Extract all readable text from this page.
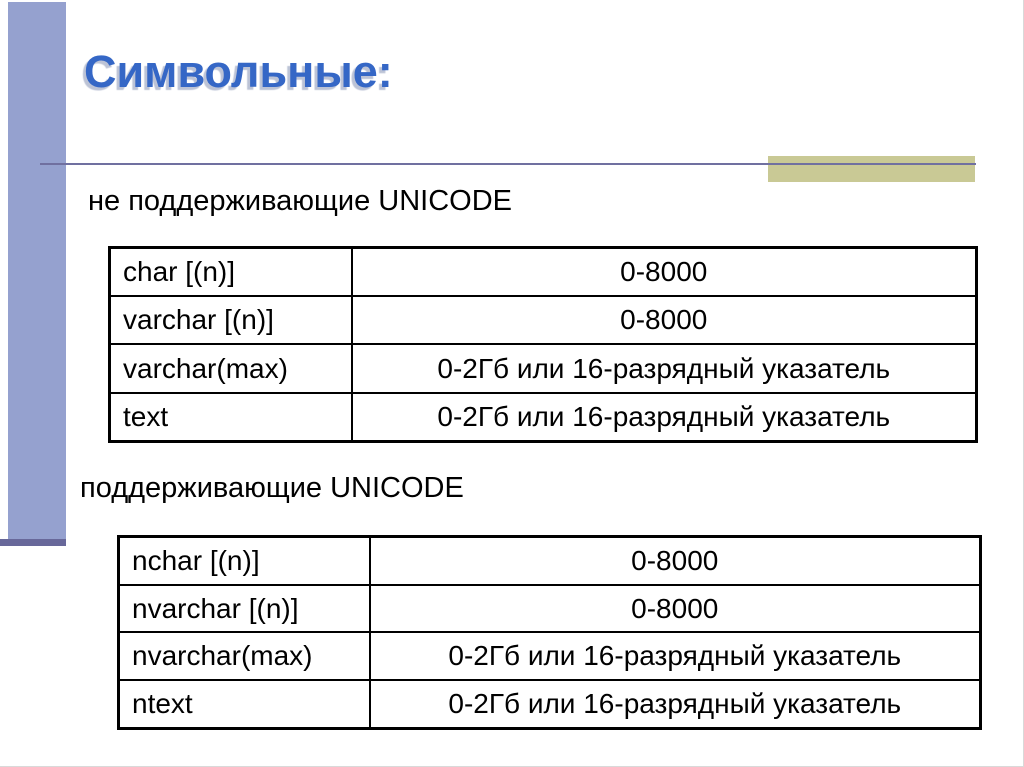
Символьные:
не поддерживающие UNICODE
char [(n)]	0-8000
varchar [(n)]	0-8000
varchar(max)	0-2Гб или 16-разрядный указатель
text	0-2Гб или 16-разрядный указатель
поддерживающие UNICODE
nchar [(n)]	0-8000
nvarchar [(n)]	0-8000
nvarchar(max)	0-2Гб или 16-разрядный указатель
ntext	0-2Гб или 16-разрядный указатель
